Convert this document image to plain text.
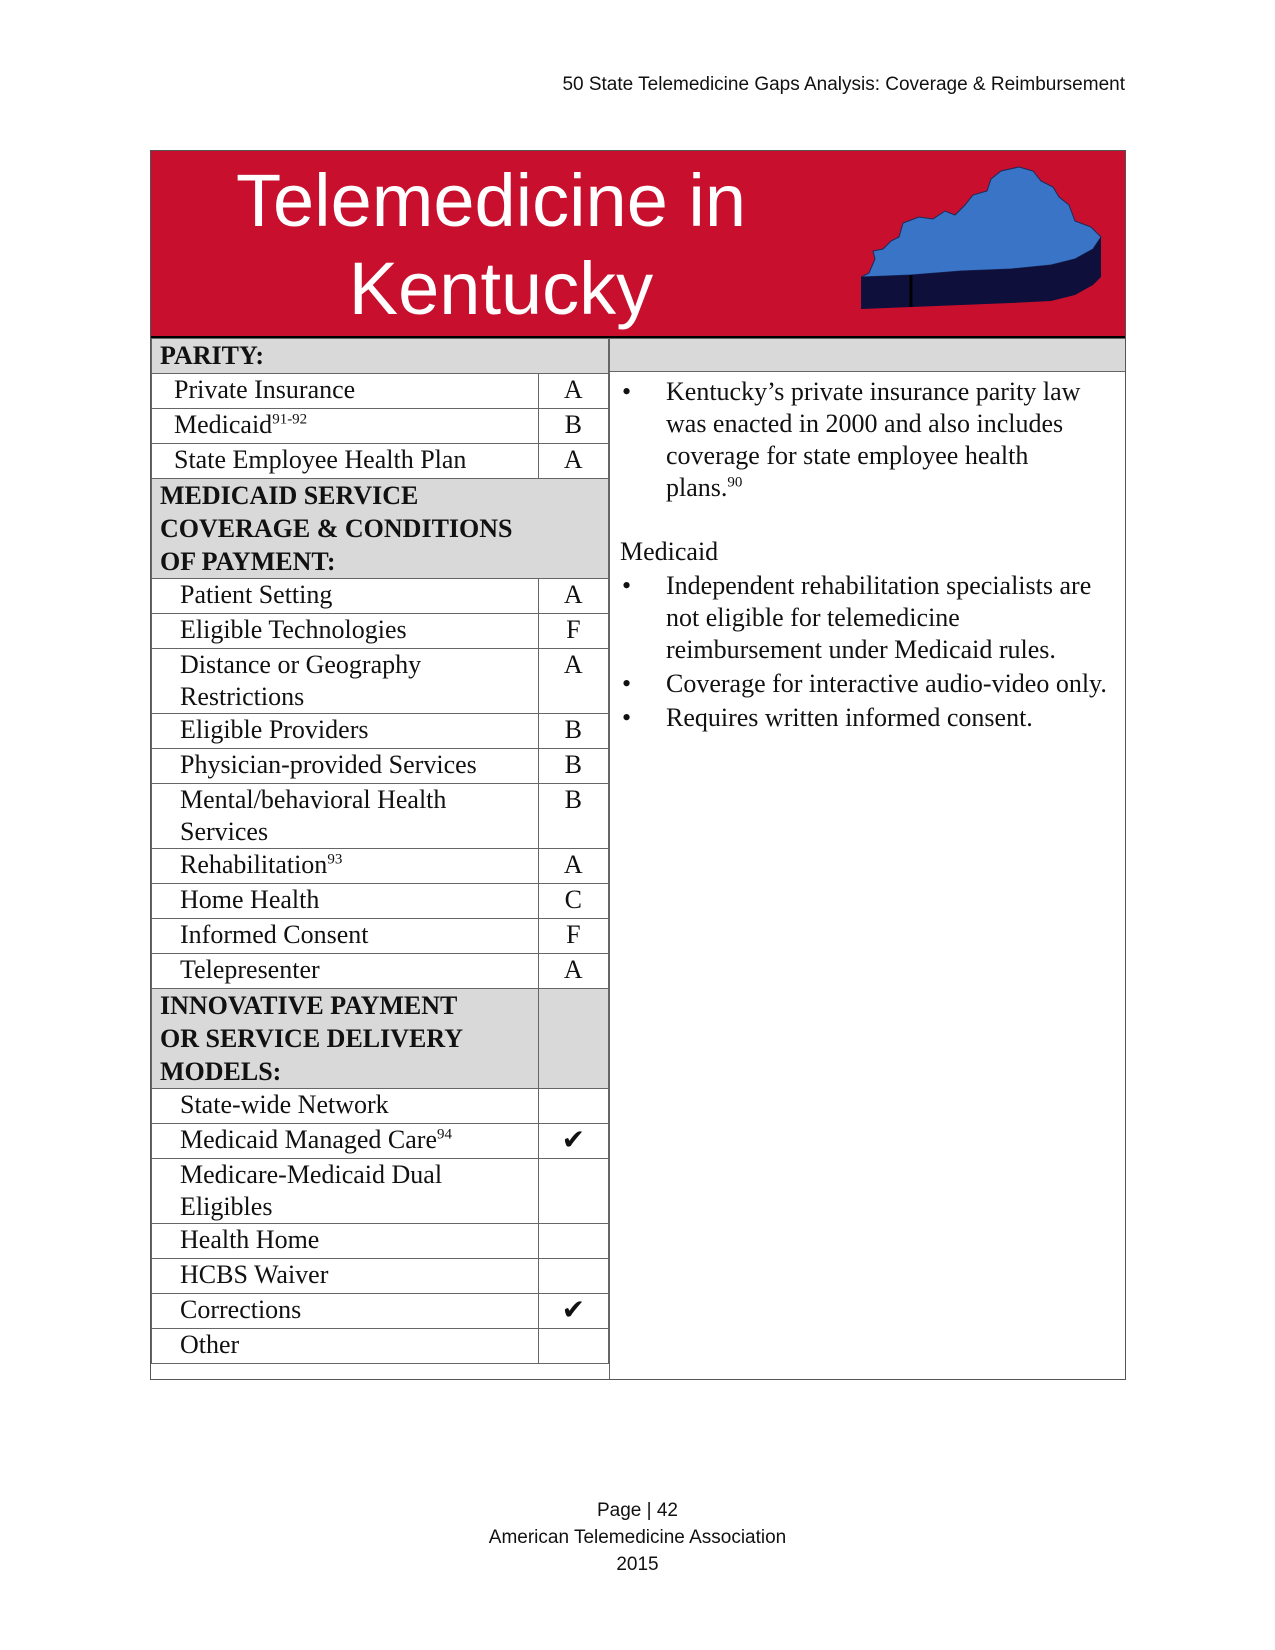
50 State Telemedicine Gaps Analysis: Coverage & Reimbursement
Telemedicine in
Kentucky
PARITY:	
Private Insurance	A
Medicaid$^{91-92}$	B
State Employee Health Plan	A

MEDICAID SERVICE
COVERAGE & CONDITIONS
OF PAYMENT:	

Patient Setting	A
Eligible Technologies	F

Distance or Geography
Restrictions	A
Eligible Providers	B
Physician-provided Services	B

Mental/behavioral Health
Services	B
Rehabilitation$^{93}$	A
Home Health	C
Informed Consent	F
Telepresenter	A

INNOVATIVE PAYMENT
OR SERVICE DELIVERY
MODELS:	

State-wide Network	
Medicaid Managed Care$^{94}$	✔

Medicare-Medicaid Dual
Eligibles	

Health Home	
HCBS Waiver	
Corrections	✔
Other	
• Kentucky’s private insurance parity law was enacted in 2000 and also includes coverage for state employee health plans.$^{90}$
Medicaid
• Independent rehabilitation specialists are not eligible for telemedicine reimbursement under Medicaid rules.
• Coverage for interactive audio-video only.
• Requires written informed consent.
Page | 42
American Telemedicine Association
2015
